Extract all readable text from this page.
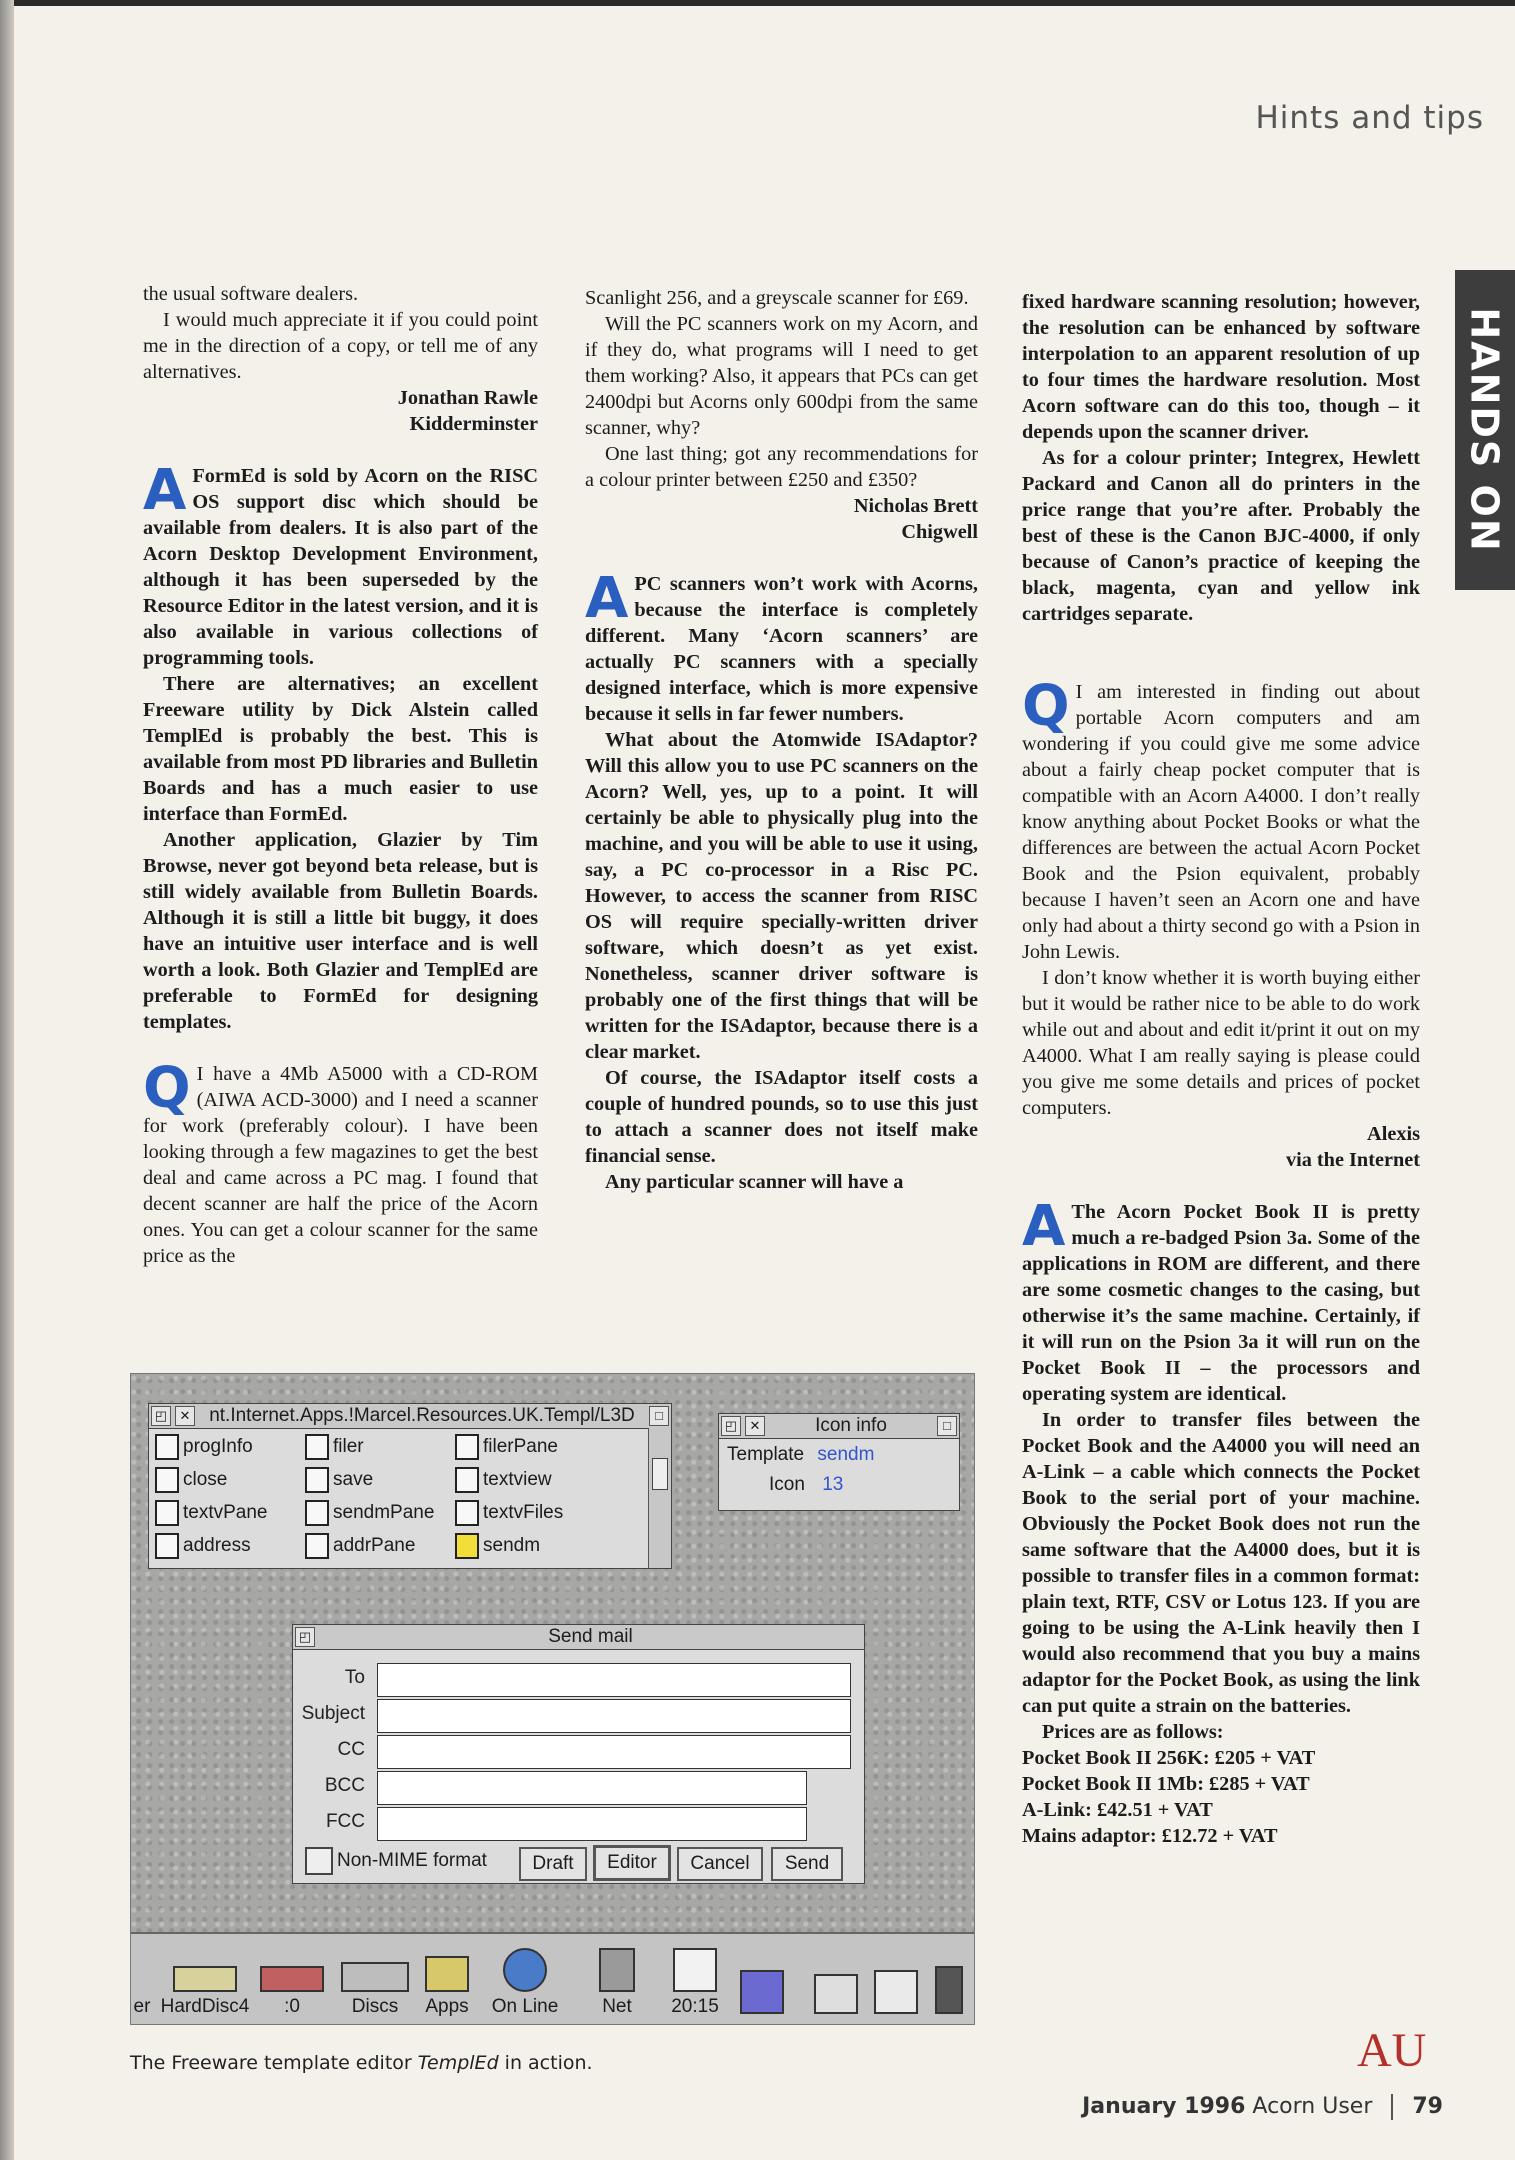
Hints and tips
HANDS ON

the usual software dealers.

I would much appreciate it if you could point me in the direction of a copy, or tell me of any alternatives.

Jonathan Rawle

Kidderminster

A FormEd is sold by Acorn on the RISC OS support disc which should be available from dealers. It is also part of the Acorn Desktop Development Environment, although it has been superseded by the Resource Editor in the latest version, and it is also available in various collections of programming tools.

There are alternatives; an excellent Freeware utility by Dick Alstein called TemplEd is probably the best. This is available from most PD libraries and Bulletin Boards and has a much easier to use interface than FormEd.

Another application, Glazier by Tim Browse, never got beyond beta release, but is still widely available from Bulletin Boards. Although it is still a little bit buggy, it does have an intuitive user interface and is well worth a look. Both Glazier and TemplEd are preferable to FormEd for designing templates.

Q I have a 4Mb A5000 with a CD-ROM (AIWA ACD-3000) and I need a scanner for work (preferably colour). I have been looking through a few magazines to get the best deal and came across a PC mag. I found that decent scanner are half the price of the Acorn ones. You can get a colour scanner for the same price as the

Scanlight 256, and a greyscale scanner for £69.

Will the PC scanners work on my Acorn, and if they do, what programs will I need to get them working? Also, it appears that PCs can get 2400dpi but Acorns only 600dpi from the same scanner, why?

One last thing; got any recommendations for a colour printer between £250 and £350?

Nicholas Brett

Chigwell

APC scanners won’t work with Acorns, because the interface is completely different. Many ‘Acorn scanners’ are actually PC scanners with a specially designed interface, which is more expensive because it sells in far fewer numbers.

What about the Atomwide ISAdaptor? Will this allow you to use PC scanners on the Acorn? Well, yes, up to a point. It will certainly be able to physically plug into the machine, and you will be able to use it using, say, a PC co-processor in a Risc PC. However, to access the scanner from RISC OS will require specially-written driver software, which doesn’t as yet exist. Nonetheless, scanner driver software is probably one of the first things that will be written for the ISAdaptor, because there is a clear market.

Of course, the ISAdaptor itself costs a couple of hundred pounds, so to use this just to attach a scanner does not itself make financial sense.

Any particular scanner will have a

fixed hardware scanning resolution; however, the resolution can be enhanced by software interpolation to an apparent resolution of up to four times the hardware resolution. Most Acorn software can do this too, though – it depends upon the scanner driver.

As for a colour printer; Integrex, Hewlett Packard and Canon all do printers in the price range that you’re after. Probably the best of these is the Canon BJC-4000, if only because of Canon’s practice of keeping the black, magenta, cyan and yellow ink cartridges separate.

Q I am interested in finding out about portable Acorn computers and am wondering if you could give me some advice about a fairly cheap pocket computer that is compatible with an Acorn A4000. I don’t really know anything about Pocket Books or what the differences are between the actual Acorn Pocket Book and the Psion equivalent, probably because I haven’t seen an Acorn one and have only had about a thirty second go with a Psion in John Lewis.

I don’t know whether it is worth buying either but it would be rather nice to be able to do work while out and about and edit it/print it out on my A4000. What I am really saying is please could you give me some details and prices of pocket computers.

Alexis

via the Internet

A The Acorn Pocket Book II is pretty much a re-badged Psion 3a. Some of the applications in ROM are different, and there are some cosmetic changes to the casing, but otherwise it’s the same machine. Certainly, if it will run on the Psion 3a it will run on the Pocket Book II – the processors and operating system are identical.

In order to transfer files between the Pocket Book and the A4000 you will need an A-Link – a cable which connects the Pocket Book to the serial port of your machine. Obviously the Pocket Book does not run the same software that the A4000 does, but it is possible to transfer files in a common format: plain text, RTF, CSV or Lotus 123. If you are going to be using the A-Link heavily then I would also recommend that you buy a mains adaptor for the Pocket Book, as using the link can put quite a strain on the batteries.

Prices are as follows:

Pocket Book II 256K: £205 + VAT

Pocket Book II 1Mb: £285 + VAT

A-Link: £42.51 + VAT

Mains adaptor: £12.72 + VAT

◰ ✕ nt.Internet.Apps.!Marcel.Resources.UK.Templ/L3D	□
progInfo	filer	filerPane
close	save	textview
textvPane	sendmPane	textvFiles
address	addrPane	sendm
◰ ✕	Icon info	□
Template sendm
Icon 13
◰	Send mail
To
Subject
CC
BCC
FCC
Non-MIME format	Draft	Editor	Cancel	Send
er HardDisc4	:0	Discs	Apps	On Line	Net	20:15
The Freeware template editor TemplEd in action.	AU
January 1996 Acorn User 79
